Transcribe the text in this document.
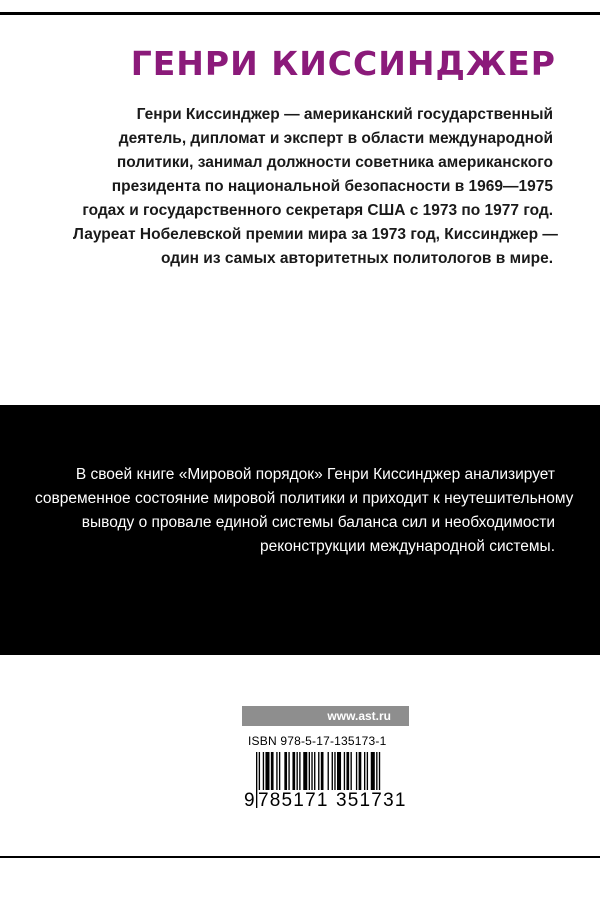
ГЕНРИ КИССИНДЖЕР

Генри Киссинджер — американский государственный
деятель, дипломат и эксперт в области международной
политики, занимал должности советника американского
президента по национальной безопасности в 1969—1975
годах и государственного секретаря США с 1973 по 1977 год.
Лауреат Нобелевской премии мира за 1973 год, Киссинджер —
один из самых авторитетных политологов в мире.

В своей книге «Мировой порядок» Генри Киссинджер анализирует
современное состояние мировой политики и приходит к неутешительному
выводу о провале единой системы баланса сил и необходимости
реконструкции международной системы.

www.ast.ru
ISBN 978-5-17-135173-1
9 785171 351731
